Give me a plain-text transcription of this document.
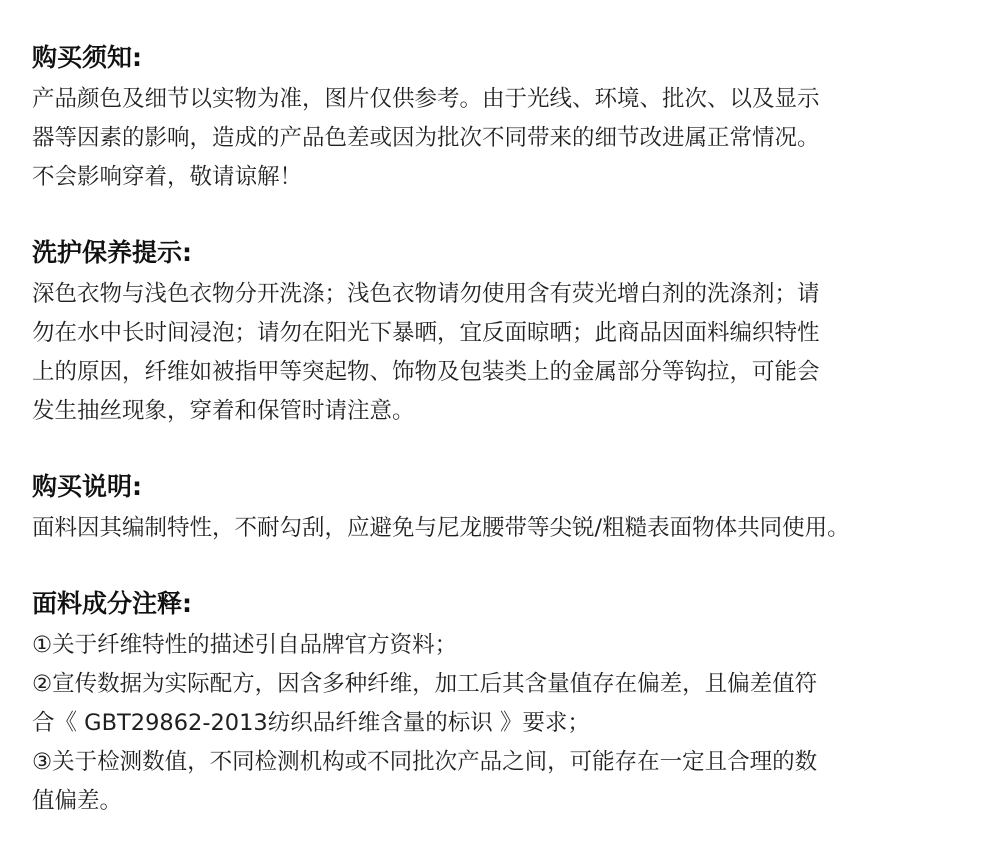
购买须知:

产品颜色及细节以实物为准，图片仅供参考。由于光线、环境、批次、以及显示

器等因素的影响，造成的产品色差或因为批次不同带来的细节改进属正常情况。

不会影响穿着，敬请谅解！

洗护保养提示:

深色衣物与浅色衣物分开洗涤；浅色衣物请勿使用含有荧光增白剂的洗涤剂；请

勿在水中长时间浸泡；请勿在阳光下暴晒，宜反面晾晒；此商品因面料编织特性

上的原因，纤维如被指甲等突起物、饰物及包装类上的金属部分等钩拉，可能会

发生抽丝现象，穿着和保管时请注意。

购买说明:

面料因其编制特性，不耐勾刮，应避免与尼龙腰带等尖锐/粗糙表面物体共同使用。

面料成分注释:

①关于纤维特性的描述引自品牌官方资料；

②宣传数据为实际配方，因含多种纤维，加工后其含量值存在偏差，且偏差值符

合《 GBT29862-2013纺织品纤维含量的标识 》要求；

③关于检测数值，不同检测机构或不同批次产品之间，可能存在一定且合理的数

值偏差。
